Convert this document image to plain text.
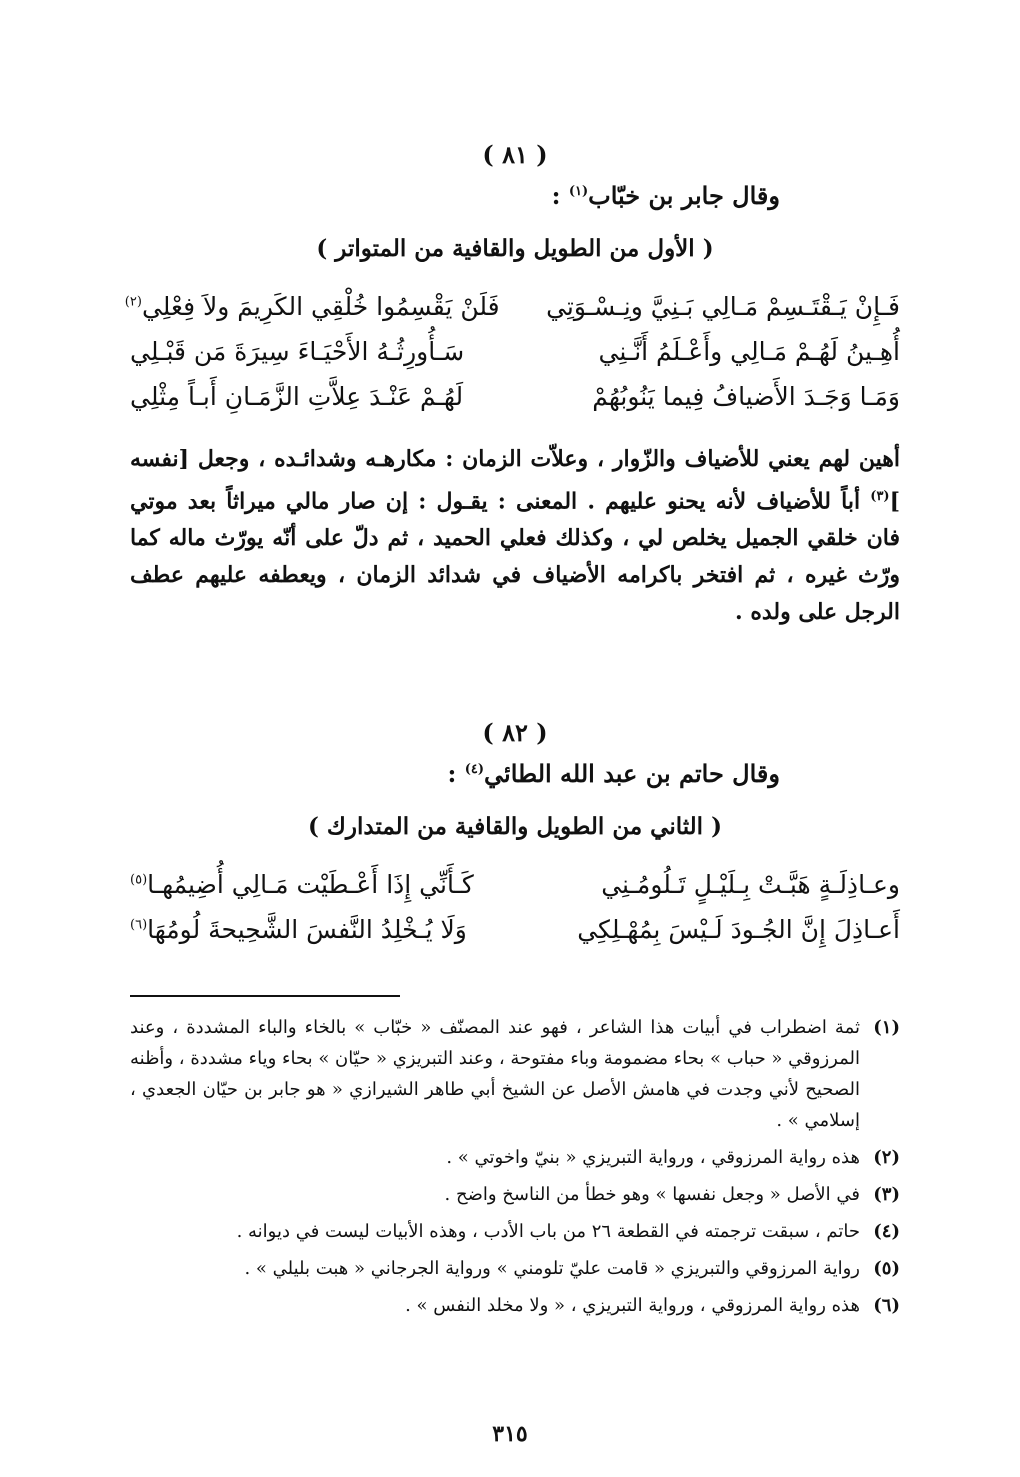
( ٨١ )

وقال جابر بن خبّاب$^{(١)}$ :

( الأول من الطويل والقافية من المتواتر )

فَـإِنْ يَـقْتَـسِمْ مَـالِي بَـنِيَّ ونِـسْـوَتِي
فَلَنْ يَقْسِمُوا خُلْقِي الكَرِيمَ ولاَ فِعْلِي$^{(٢)}$
أُهِـينُ لَهُـمْ مَـالِي وأَعْـلَمُ أَنَّـنِي
سَـأُورِثُـهُ الأَحْيَـاءَ سِيرَةَ مَن قَبْـلِي
وَمَـا وَجَـدَ الأَضيافُ فِيما يَنُوبُهُمْ
لَهُـمْ عَنْـدَ عِلاَّتِ الزَّمَـانِ أَبـاً مِثْلِي

أهين لهم يعني للأضياف والزّوار ، وعلاّت الزمان : مكارهـه وشدائـده ، وجعل [نفسه ]$^{(٣)}$ أباً للأضياف لأنه يحنو عليهم . المعنى : يقـول : إن صار مالي ميراثاً بعد موتي فان خلقي الجميل يخلص لي ، وكذلك فعلي الحميد ، ثم دلّ على أنّه يورّث ماله كما ورّث غيره ، ثم افتخر باكرامه الأضياف في شدائد الزمان ، ويعطفه عليهم عطف الرجل على ولده .

( ٨٢ )

وقال حاتم بن عبد الله الطائي$^{(٤)}$ :

( الثاني من الطويل والقافية من المتدارك )

وعـاذِلَـةٍ هَبَّـتْ بِـلَيْـلٍ تَـلُومُـنِي
كَـأَنِّي إِذَا أَعْـطَيْت مَـالِي أُضِيمُهـا$^{(٥)}$
أَعـاذِلَ إِنَّ الجُـودَ لَـيْسَ بِمُهْـلِكِي
وَلَا يُـخْلِدُ النَّفسَ الشَّحِيحةَ لُومُهَا$^{(٦)}$
(١)
ثمة اضطراب في أبيات هذا الشاعر ، فهو عند المصنّف « خبّاب » بالخاء والباء المشددة ، وعند المرزوقي « حباب » بحاء مضمومة وباء مفتوحة ، وعند التبريزي « حيّان » بحاء وياء مشددة ، وأظنه الصحيح لأني وجدت في هامش الأصل عن الشيخ أبي طاهر الشيرازي « هو جابر بن حيّان الجعدي ، إسلامي » .
(٢)
هذه رواية المرزوقي ، ورواية التبريزي « بنيّ واخوتي » .
(٣)
في الأصل « وجعل نفسها » وهو خطأ من الناسخ واضح .
(٤)
حاتم ، سبقت ترجمته في القطعة ٢٦ من باب الأدب ، وهذه الأبيات ليست في ديوانه .
(٥)
رواية المرزوقي والتبريزي « قامت عليّ تلومني » ورواية الجرجاني « هبت بليلي » .
(٦)
هذه رواية المرزوقي ، ورواية التبريزي ، « ولا مخلد النفس » .
٣١٥
